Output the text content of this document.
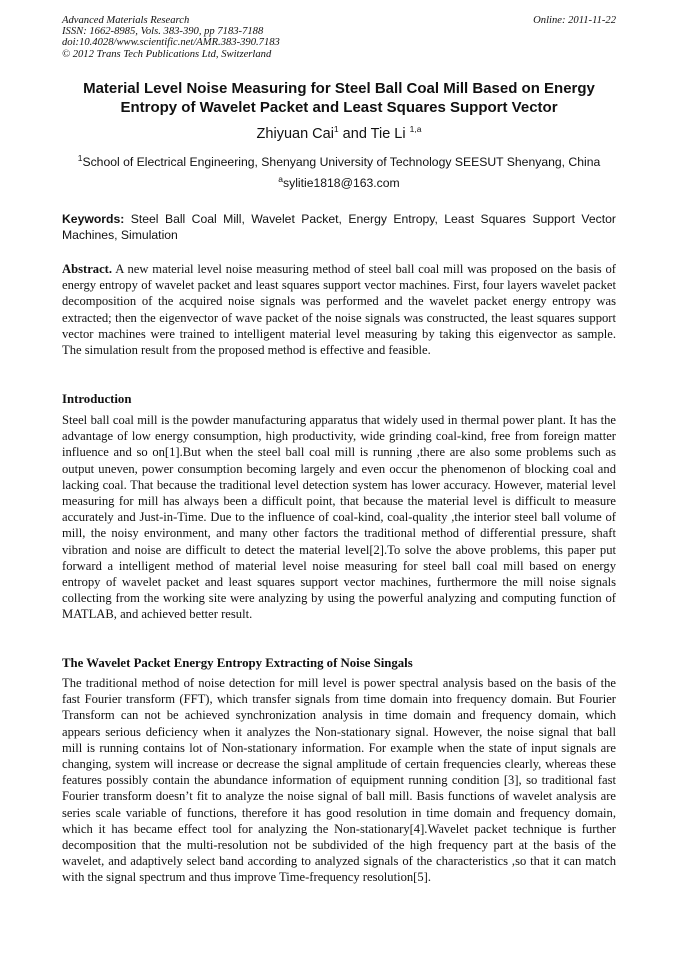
Advanced Materials Research
ISSN: 1662-8985, Vols. 383-390, pp 7183-7188
doi:10.4028/www.scientific.net/AMR.383-390.7183
© 2012 Trans Tech Publications Ltd, Switzerland
Online: 2011-11-22
Material Level Noise Measuring for Steel Ball Coal Mill Based on Energy Entropy of Wavelet Packet and Least Squares Support Vector
Zhiyuan Cai$^1$ and Tie Li $^{1,a}$
$^1$School of Electrical Engineering, Shenyang University of Technology SEESUT Shenyang, China
$^a$sylitie1818@163.com
Keywords: Steel Ball Coal Mill, Wavelet Packet, Energy Entropy, Least Squares Support Vector Machines, Simulation
Abstract. A new material level noise measuring method of steel ball coal mill was proposed on the basis of energy entropy of wavelet packet and least squares support vector machines. First, four layers wavelet packet decomposition of the acquired noise signals was performed and the wavelet packet energy entropy was extracted; then the eigenvector of wave packet of the noise signals was constructed, the least squares support vector machines were trained to intelligent material level measuring by taking this eigenvector as sample. The simulation result from the proposed method is effective and feasible.
Introduction
Steel ball coal mill is the powder manufacturing apparatus that widely used in thermal power plant. It has the advantage of low energy consumption, high productivity, wide grinding coal-kind, free from foreign matter influence and so on[1].But when the steel ball coal mill is running ,there are also some problems such as output uneven, power consumption becoming largely and even occur the phenomenon of blocking coal and lacking coal. That because the traditional level detection system has lower accuracy. However, material level measuring for mill has always been a difficult point, that because the material level is difficult to measure accurately and Just-in-Time. Due to the influence of coal-kind, coal-quality ,the interior steel ball volume of mill, the noisy environment, and many other factors the traditional method of differential pressure, shaft vibration and noise are difficult to detect the material level[2].To solve the above problems, this paper put forward a intelligent method of material level noise measuring for steel ball coal mill based on energy entropy of wavelet packet and least squares support vector machines, furthermore the mill noise signals collecting from the working site were analyzing by using the powerful analyzing and computing function of MATLAB, and achieved better result.
The Wavelet Packet Energy Entropy Extracting of Noise Singals
The traditional method of noise detection for mill level is power spectral analysis based on the basis of the fast Fourier transform (FFT), which transfer signals from time domain into frequency domain. But Fourier Transform can not be achieved synchronization analysis in time domain and frequency domain, which appears serious deficiency when it analyzes the Non-stationary signal. However, the noise signal that ball mill is running contains lot of Non-stationary information. For example when the state of input signals are changing, system will increase or decrease the signal amplitude of certain frequencies clearly, whereas these features possibly contain the abundance information of equipment running condition [3], so traditional fast Fourier transform doesn’t fit to analyze the noise signal of ball mill. Basis functions of wavelet analysis are series scale variable of functions, therefore it has good resolution in time domain and frequency domain, which it has became effect tool for analyzing the Non-stationary[4].Wavelet packet technique is further decomposition that the multi-resolution not be subdivided of the high frequency part at the basis of the wavelet, and adaptively select band according to analyzed signals of the characteristics ,so that it can match with the signal spectrum and thus improve Time-frequency resolution[5].
